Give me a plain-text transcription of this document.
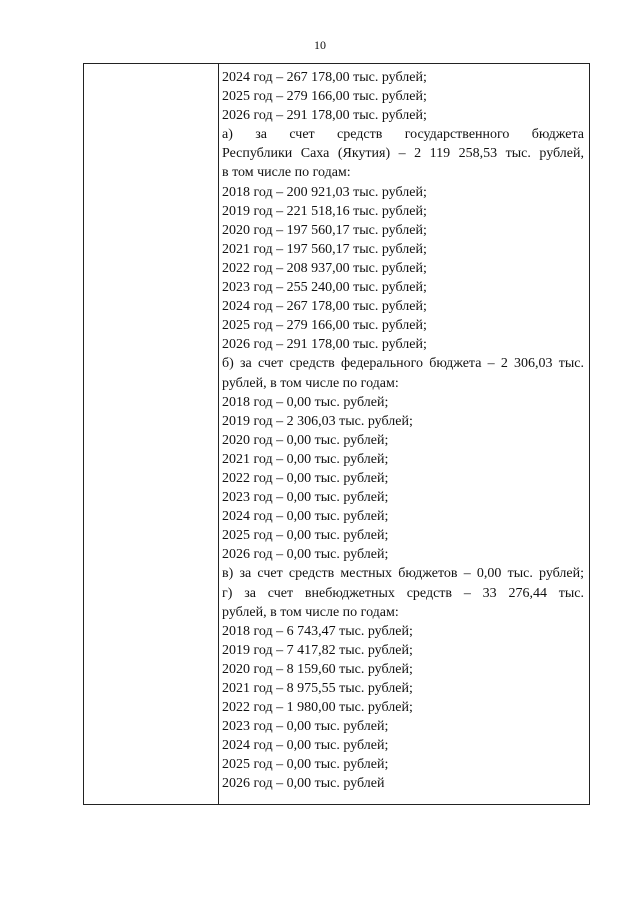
10
2024 год – 267 178,00 тыс. рублей;
2025 год – 279 166,00 тыс. рублей;
2026 год – 291 178,00 тыс. рублей;
а) за счет средств государственного бюджета
Республики Саха (Якутия) – 2 119 258,53 тыс. рублей,
в том числе по годам:
2018 год – 200 921,03 тыс. рублей;
2019 год – 221 518,16 тыс. рублей;
2020 год – 197 560,17 тыс. рублей;
2021 год – 197 560,17 тыс. рублей;
2022 год – 208 937,00 тыс. рублей;
2023 год – 255 240,00 тыс. рублей;
2024 год – 267 178,00 тыс. рублей;
2025 год – 279 166,00 тыс. рублей;
2026 год – 291 178,00 тыс. рублей;
б) за счет средств федерального бюджета – 2 306,03 тыс.
рублей, в том числе по годам:
2018 год – 0,00 тыс. рублей;
2019 год – 2 306,03 тыс. рублей;
2020 год – 0,00 тыс. рублей;
2021 год – 0,00 тыс. рублей;
2022 год – 0,00 тыс. рублей;
2023 год – 0,00 тыс. рублей;
2024 год – 0,00 тыс. рублей;
2025 год – 0,00 тыс. рублей;
2026 год – 0,00 тыс. рублей;
в) за счет средств местных бюджетов – 0,00 тыс. рублей;
г) за счет внебюджетных средств – 33 276,44 тыс.
рублей, в том числе по годам:
2018 год – 6 743,47 тыс. рублей;
2019 год – 7 417,82 тыс. рублей;
2020 год – 8 159,60 тыс. рублей;
2021 год – 8 975,55 тыс. рублей;
2022 год – 1 980,00 тыс. рублей;
2023 год – 0,00 тыс. рублей;
2024 год – 0,00 тыс. рублей;
2025 год – 0,00 тыс. рублей;
2026 год – 0,00 тыс. рублей
